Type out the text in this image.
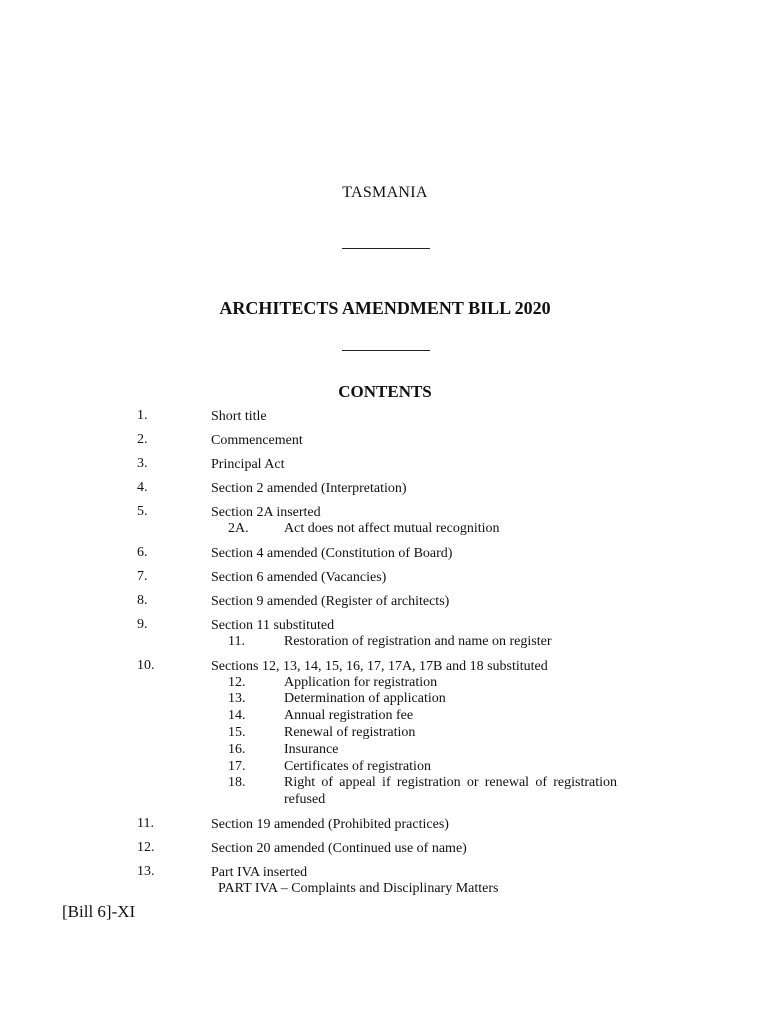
TASMANIA
ARCHITECTS AMENDMENT BILL 2020
CONTENTS
1.	Short title
2.	Commencement
3.	Principal Act
4.	Section 2 amended (Interpretation)
5.	Section 2A inserted
2A.	Act does not affect mutual recognition
6.	Section 4 amended (Constitution of Board)
7.	Section 6 amended (Vacancies)
8.	Section 9 amended (Register of architects)
9.	Section 11 substituted
11.	Restoration of registration and name on register
10.	Sections 12, 13, 14, 15, 16, 17, 17A, 17B and 18 substituted
12.	Application for registration
13.	Determination of application
14.	Annual registration fee
15.	Renewal of registration
16.	Insurance
17.	Certificates of registration
18.	Right of appeal if registration or renewal of registration refused
11.	Section 19 amended (Prohibited practices)
12.	Section 20 amended (Continued use of name)
13.	Part IVA inserted
PART IVA – Complaints and Disciplinary Matters
[Bill 6]-XI
